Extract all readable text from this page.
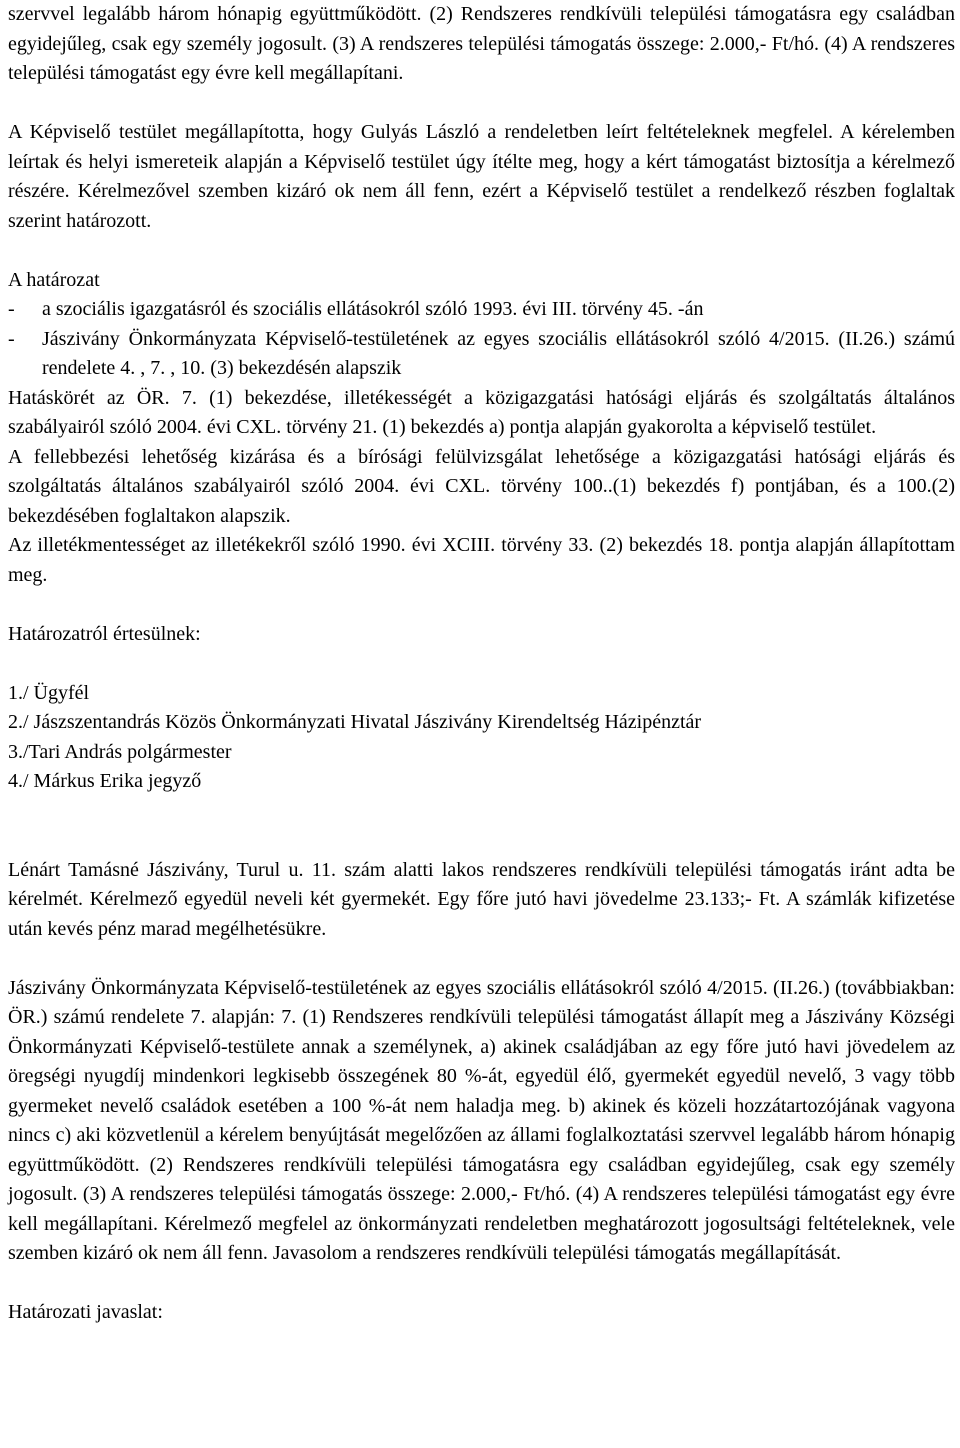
szervvel legalább három hónapig együttműködött. (2) Rendszeres rendkívüli települési támogatásra egy családban egyidejűleg, csak egy személy jogosult. (3) A rendszeres települési támogatás összege: 2.000,- Ft/hó. (4) A rendszeres települési támogatást egy évre kell megállapítani.

A Képviselő testület megállapította, hogy Gulyás László a rendeletben leírt feltételeknek megfelel. A kérelemben leírtak és helyi ismereteik alapján a Képviselő testület úgy ítélte meg, hogy a kért támogatást biztosítja a kérelmező részére. Kérelmezővel szemben kizáró ok nem áll fenn, ezért a Képviselő testület a rendelkező részben foglaltak szerint határozott.

A határozat

-	a szociális igazgatásról és szociális ellátásokról szóló 1993. évi III. törvény 45. -án
-	Jászivány Önkormányzata Képviselő-testületének az egyes szociális ellátásokról szóló 4/2015. (II.26.) számú rendelete 4. , 7. , 10. (3) bekezdésén alapszik

Hatáskörét az ÖR. 7. (1) bekezdése, illetékességét a közigazgatási hatósági eljárás és szolgáltatás általános szabályairól szóló 2004. évi CXL. törvény 21. (1) bekezdés a) pontja alapján gyakorolta a képviselő testület.

A fellebbezési lehetőség kizárása és a bírósági felülvizsgálat lehetősége a közigazgatási hatósági eljárás és szolgáltatás általános szabályairól szóló 2004. évi CXL. törvény 100..(1) bekezdés f) pontjában, és a 100.(2) bekezdésében foglaltakon alapszik.

Az illetékmentességet az illetékekről szóló 1990. évi XCIII. törvény 33. (2) bekezdés 18. pontja alapján állapítottam meg.

Határozatról értesülnek:

1./ Ügyfél

2./ Jászszentandrás Közös Önkormányzati Hivatal Jászivány Kirendeltség Házipénztár

3./Tari András polgármester

4./ Márkus Erika jegyző

Lénárt Tamásné Jászivány, Turul u. 11. szám alatti lakos rendszeres rendkívüli települési támogatás iránt adta be kérelmét. Kérelmező egyedül neveli két gyermekét. Egy főre jutó havi jövedelme 23.133;- Ft. A számlák kifizetése után kevés pénz marad megélhetésükre.

Jászivány Önkormányzata Képviselő-testületének az egyes szociális ellátásokról szóló 4/2015. (II.26.) (továbbiakban: ÖR.) számú rendelete 7. alapján: 7. (1) Rendszeres rendkívüli települési támogatást állapít meg a Jászivány Községi Önkormányzati Képviselő-testülete annak a személynek, a) akinek családjában az egy főre jutó havi jövedelem az öregségi nyugdíj mindenkori legkisebb összegének 80 %-át, egyedül élő, gyermekét egyedül nevelő, 3 vagy több gyermeket nevelő családok esetében a 100 %-át nem haladja meg. b) akinek és közeli hozzátartozójának vagyona nincs c) aki közvetlenül a kérelem benyújtását megelőzően az állami foglalkoztatási szervvel legalább három hónapig együttműködött. (2) Rendszeres rendkívüli települési támogatásra egy családban egyidejűleg, csak egy személy jogosult. (3) A rendszeres települési támogatás összege: 2.000,- Ft/hó. (4) A rendszeres települési támogatást egy évre kell megállapítani. Kérelmező megfelel az önkormányzati rendeletben meghatározott jogosultsági feltételeknek, vele szemben kizáró ok nem áll fenn. Javasolom a rendszeres rendkívüli települési támogatás megállapítását.

Határozati javaslat:
